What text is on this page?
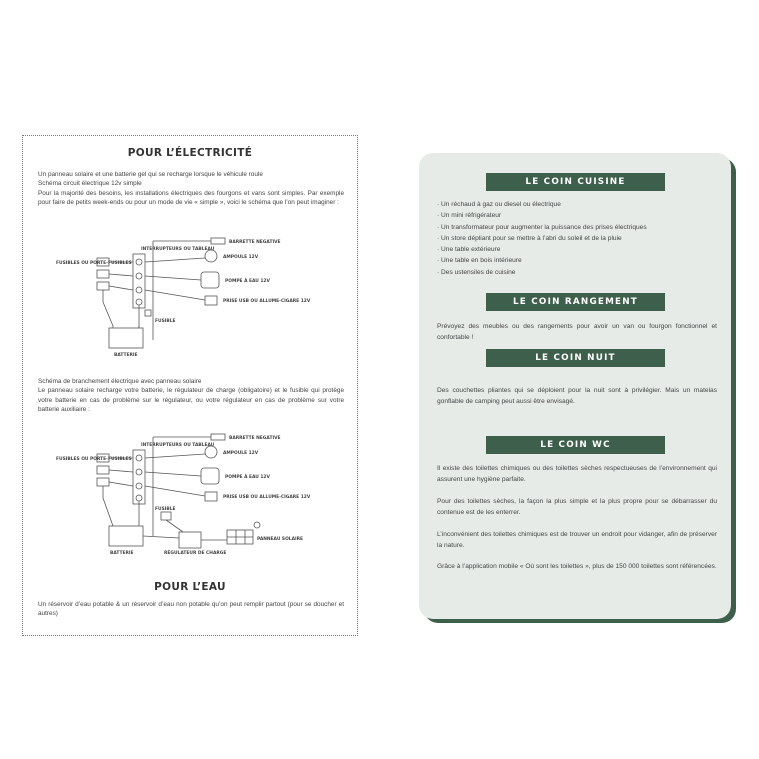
POUR L’ÉLECTRICITÉ

Un panneau solaire et une batterie gel qui se recharge lorsque le véhicule roule
Schéma circuit électrique 12v simple
Pour la majorité des besoins, les installations électriques des fourgons et vans sont simples. Par exemple pour faire de petits week-ends ou pour un mode de vie « simple », voici le schéma que l’on peut imaginer :

FUSIBLES OU PORTE-FUSIBLES
INTERRUPTEURS OU TABLEAU
BARRETTE NEGATIVE
AMPOULE 12V
POMPE À EAU 12V
PRISE USB OU ALLUME-CIGARE 12V
FUSIBLE
BATTERIE

Schéma de branchement électrique avec panneau solaire
Le panneau solaire recharge votre batterie, le régulateur de charge (obligatoire) et le fusible qui protège votre batterie en cas de problème sur le régulateur, ou votre régulateur en cas de problème sur votre batterie auxiliaire :

FUSIBLES OU PORTE-FUSIBLES
INTERRUPTEURS OU TABLEAU
BARRETTE NEGATIVE
AMPOULE 12V
POMPE À EAU 12V
PRISE USB OU ALLUME-CIGARE 12V
FUSIBLE
BATTERIE	RÉGULATEUR DE CHARGE
PANNEAU SOLAIRE
POUR L’EAU

Un réservoir d’eau potable & un réservoir d’eau non potable qu’on peut remplir partout (pour se doucher et autres)

LE COIN CUISINE
· Un réchaud à gaz ou diesel ou électrique
· Un mini réfrigérateur
· Un transformateur pour augmenter la puissance des prises électriques
· Un store dépliant pour se mettre à l’abri du soleil et de la pluie
· Une table extérieure
· Une table en bois intérieure
· Des ustensiles de cuisine
LE COIN RANGEMENT

Prévoyez des meubles ou des rangements pour avoir un van ou fourgon fonctionnel et confortable !

LE COIN NUIT

Des couchettes pliantes qui se déploient pour la nuit sont à privilégier. Mais un matelas gonflable de camping peut aussi être envisagé.

LE COIN WC

Il existe des toilettes chimiques ou des toilettes sèches respectueuses de l’environnement qui assurent une hygiène parfaite.

Pour des toilettes sèches, la façon la plus simple et la plus propre pour se débarrasser du contenue est de les enterrer.

L’inconvénient des toilettes chimiques est de trouver un endroit pour vidanger, afin de préserver la nature.

Grâce à l’application mobile « Où sont les toilettes », plus de 150 000 toilettes sont référencées.
